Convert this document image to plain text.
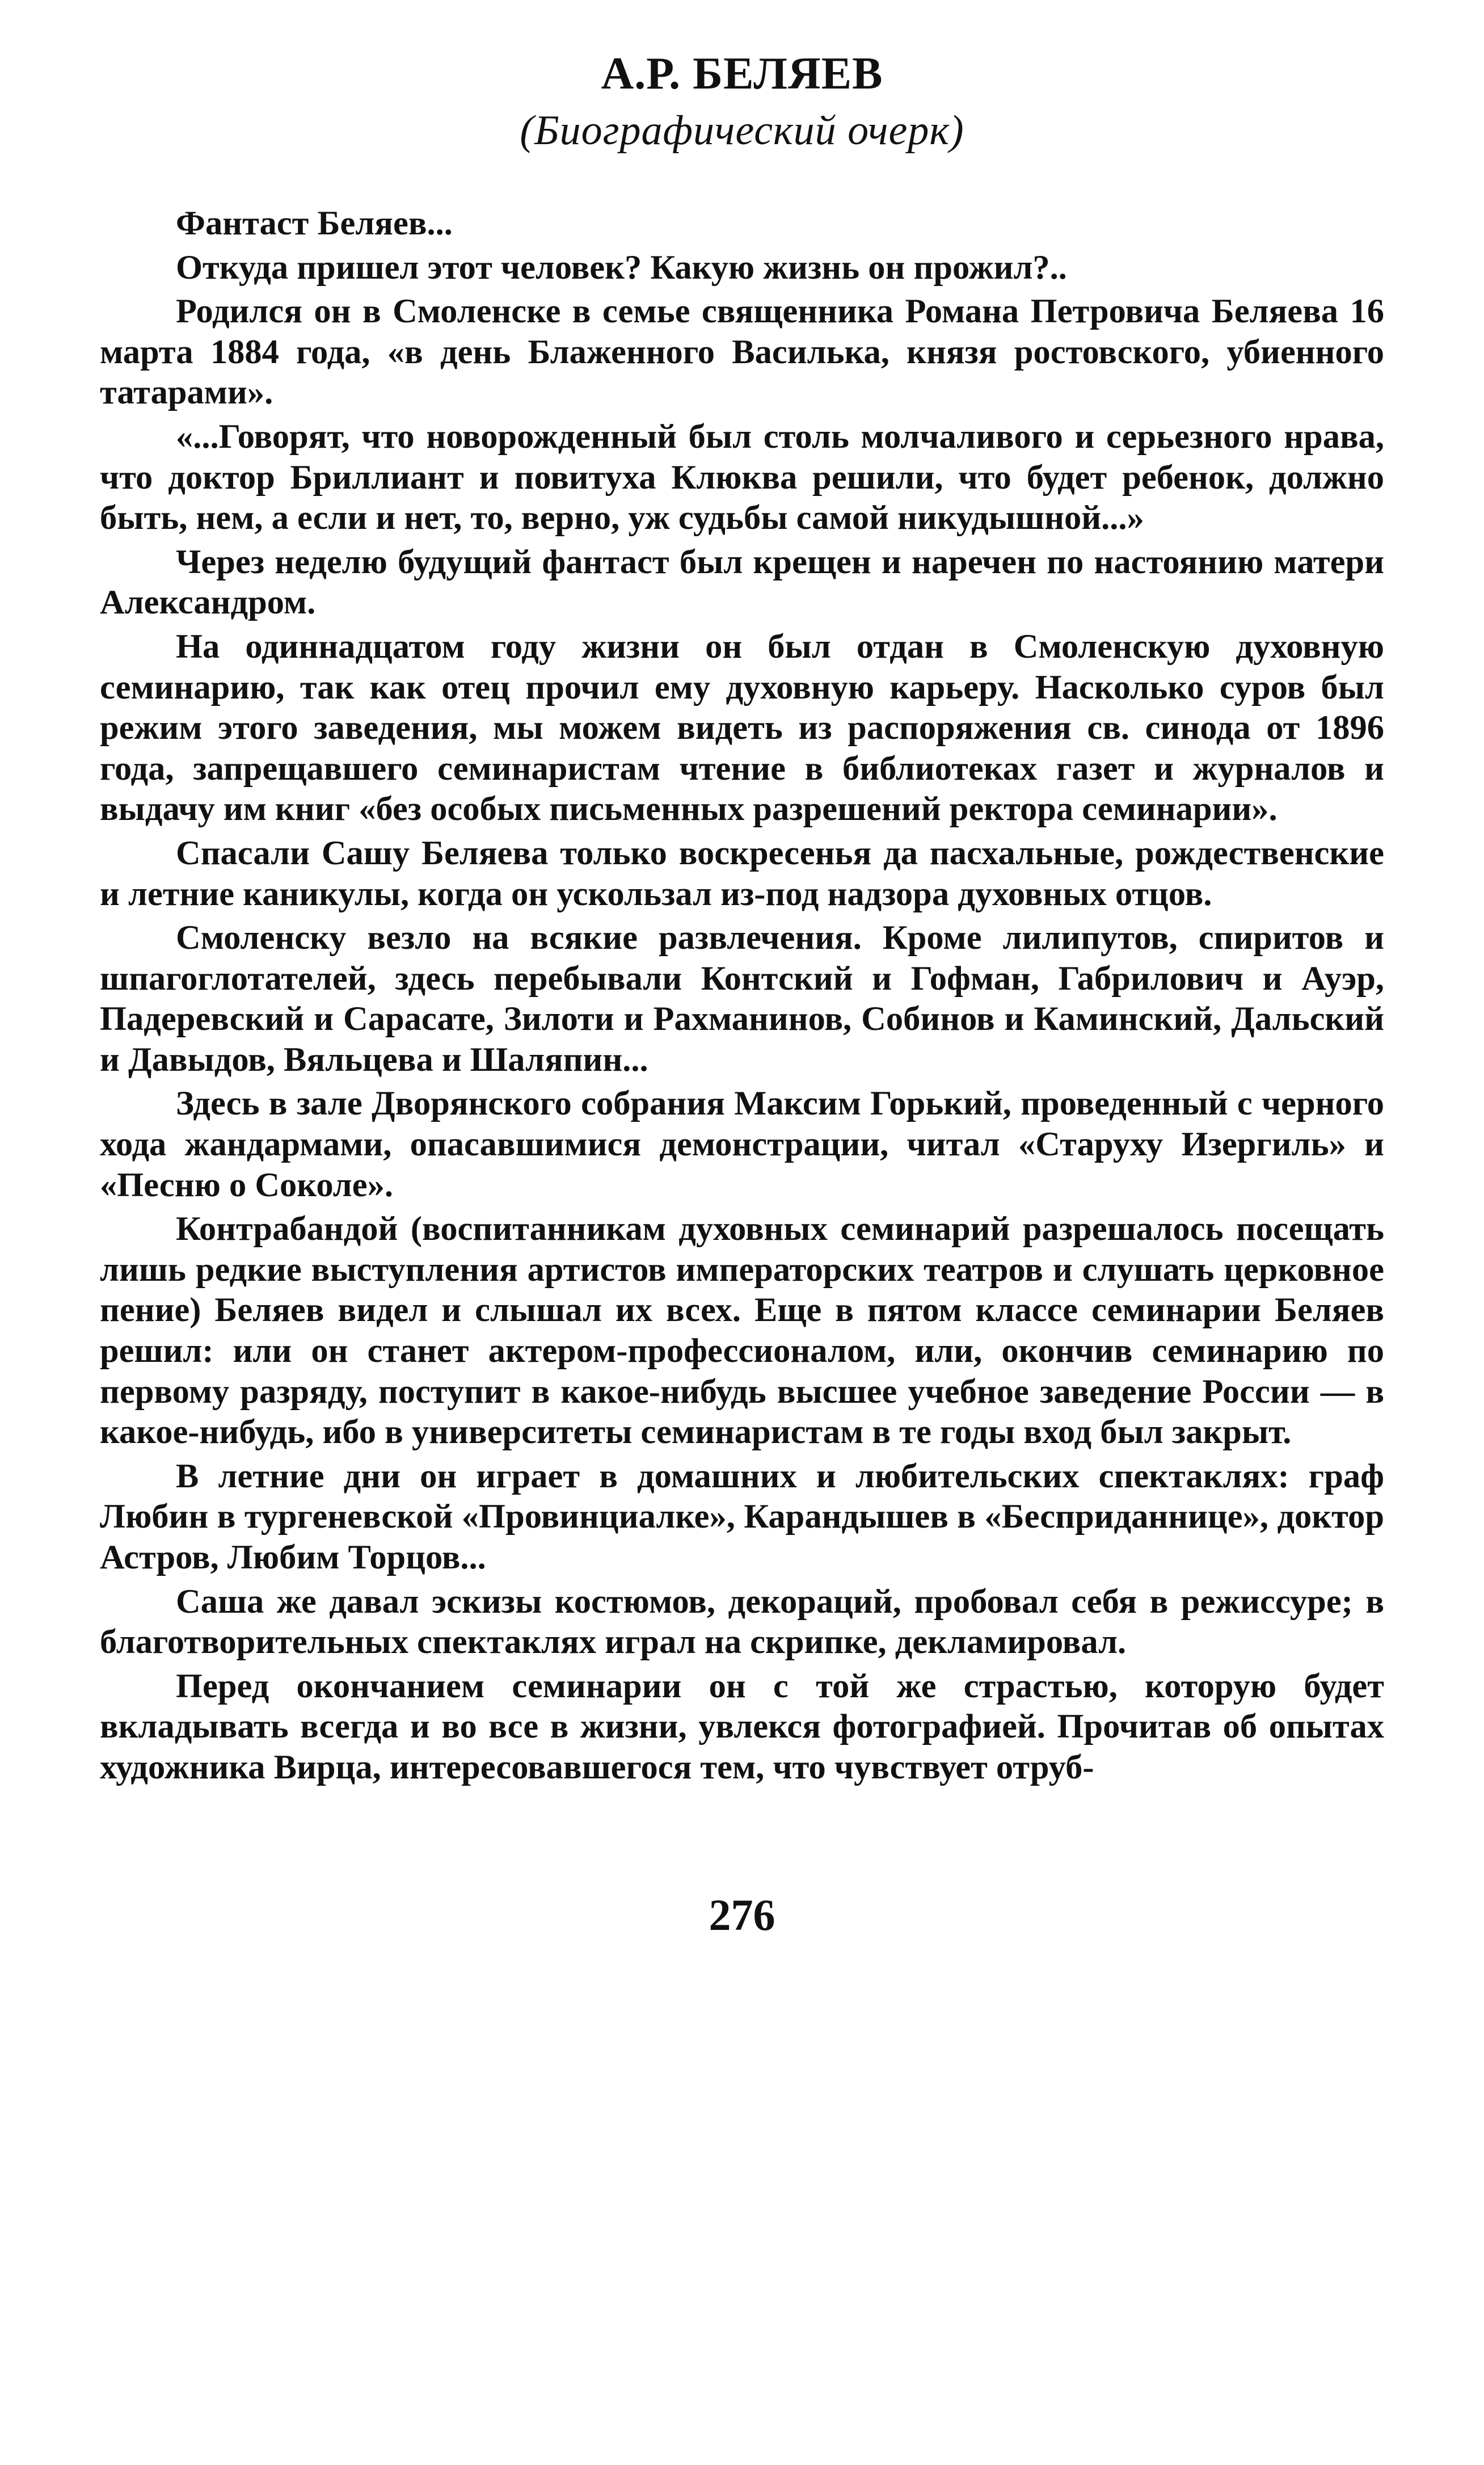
А.Р. БЕЛЯЕВ
(Биографический очерк)

Фантаст Беляев...

Откуда пришел этот человек? Какую жизнь он прожил?..

Родился он в Смоленске в семье священника Романа Петровича Беляева 16 марта 1884 года, «в день Блаженного Василька, князя ростовского, убиенного татарами».

«...Говорят, что новорожденный был столь молчаливого и серьезного нрава, что доктор Бриллиант и повитуха Клюква решили, что будет ребенок, должно быть, нем, а если и нет, то, верно, уж судьбы самой никудышной...»

Через неделю будущий фантаст был крещен и наречен по настоянию матери Александром.

На одиннадцатом году жизни он был отдан в Смоленскую духовную семинарию, так как отец прочил ему духовную карьеру. Насколько суров был режим этого заведения, мы можем видеть из распоряжения св. синода от 1896 года, запрещавшего семинаристам чтение в библиотеках газет и журналов и выдачу им книг «без особых письменных разрешений ректора семинарии».

Спасали Сашу Беляева только воскресенья да пасхальные, рождественские и летние каникулы, когда он ускользал из-под надзора духовных отцов.

Смоленску везло на всякие развлечения. Кроме лилипутов, спиритов и шпагоглотателей, здесь перебывали Контский и Гофман, Габрилович и Ауэр, Падеревский и Сарасате, Зилоти и Рахманинов, Собинов и Каминский, Дальский и Давыдов, Вяльцева и Шаляпин...

Здесь в зале Дворянского собрания Максим Горький, проведенный с черного хода жандармами, опасавшимися демонстрации, читал «Старуху Изергиль» и «Песню о Соколе».

Контрабандой (воспитанникам духовных семинарий разрешалось посещать лишь редкие выступления артистов императорских театров и слушать церковное пение) Беляев видел и слышал их всех. Еще в пятом классе семинарии Беляев решил: или он станет актером-профессионалом, или, окончив семинарию по первому разряду, поступит в какое-нибудь высшее учебное заведение России — в какое-нибудь, ибо в университеты семинаристам в те годы вход был закрыт.

В летние дни он играет в домашних и любительских спектаклях: граф Любин в тургеневской «Провинциалке», Карандышев в «Бесприданнице», доктор Астров, Любим Торцов...

Саша же давал эскизы костюмов, декораций, пробовал себя в режиссуре; в благотворительных спектаклях играл на скрипке, декламировал.

Перед окончанием семинарии он с той же страстью, которую будет вкладывать всегда и во все в жизни, увлекся фотографией. Прочитав об опытах художника Вирца, интересовавшегося тем, что чувствует отруб-

276
